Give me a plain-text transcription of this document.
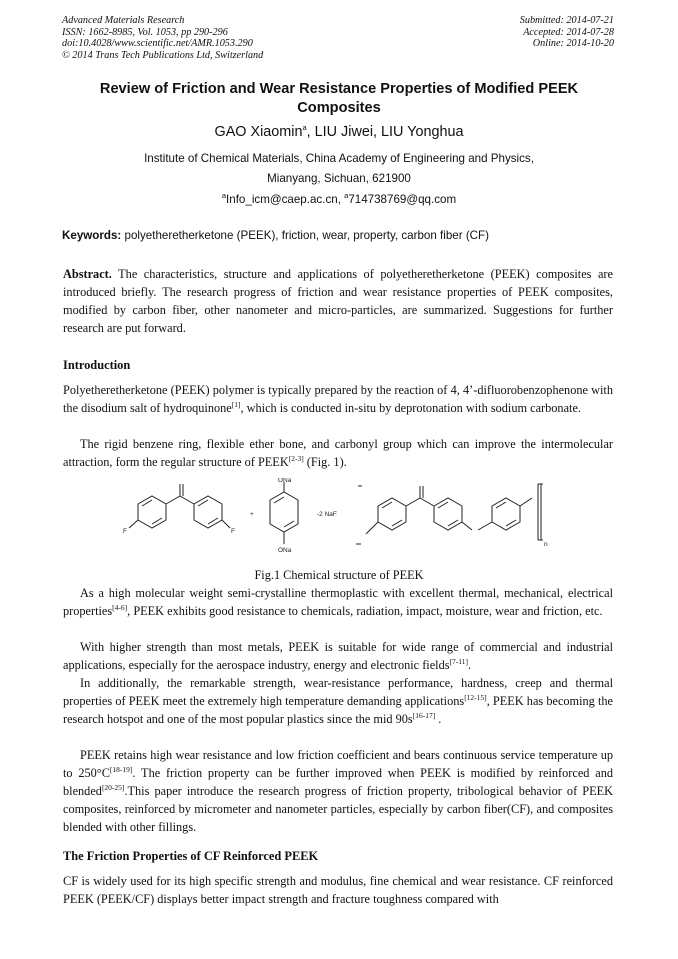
Advanced Materials Research
ISSN: 1662-8985, Vol. 1053, pp 290-296
doi:10.4028/www.scientific.net/AMR.1053.290
© 2014 Trans Tech Publications Ltd, Switzerland
Submitted: 2014-07-21
Accepted: 2014-07-28
Online: 2014-10-20
Review of Friction and Wear Resistance Properties of Modified PEEK Composites
GAO Xiaomin$^a$, LIU Jiwei, LIU Yonghua
Institute of Chemical Materials, China Academy of Engineering and Physics,
Mianyang, Sichuan, 621900
$^a$Info_icm@caep.ac.cn, $^a$714738769@qq.com
Keywords: polyetheretherketone (PEEK), friction, wear, property, carbon fiber (CF)
Abstract. The characteristics, structure and applications of polyetheretherketone (PEEK) composites are introduced briefly. The research progress of friction and wear resistance properties of PEEK composites, modified by carbon fiber, other nanometer and micro-particles, are summarized. Suggestions for further research are put forward.
Introduction
Polyetheretherketone (PEEK) polymer is typically prepared by the reaction of 4, 4’-difluorobenzophenone with the disodium salt of hydroquinone[1], which is conducted in-situ by deprotonation with sodium carbonate.
The rigid benzene ring, flexible ether bone, and carbonyl group which can improve the intermolecular attraction, form the regular structure of PEEK[2-3] (Fig. 1).
F	F
+
ONa
ONa
-2 NaF
n
Fig.1 Chemical structure of PEEK
As a high molecular weight semi-crystalline thermoplastic with excellent thermal, mechanical, electrical properties[4-6], PEEK exhibits good resistance to chemicals, radiation, impact, moisture, wear and friction, etc.
With higher strength than most metals, PEEK is suitable for wide range of commercial and industrial applications, especially for the aerospace industry, energy and electronic fields[7-11].
In additionally, the remarkable strength, wear-resistance performance, hardness, creep and thermal properties of PEEK meet the extremely high temperature demanding applications[12-15], PEEK has becoming the research hotspot and one of the most popular plastics since the mid 90s[16-17] .
PEEK retains high wear resistance and low friction coefficient and bears continuous service temperature up to 250°C[18-19]. The friction property can be further improved when PEEK is modified by reinforced and blended[20-25].This paper introduce the research progress of friction property, tribological behavior of PEEK composites, reinforced by micrometer and nanometer particles, especially by carbon fiber(CF), and composites blended with other fillings.
The Friction Properties of CF Reinforced PEEK
CF is widely used for its high specific strength and modulus, fine chemical and wear resistance. CF reinforced PEEK (PEEK/CF) displays better impact strength and fracture toughness compared with
